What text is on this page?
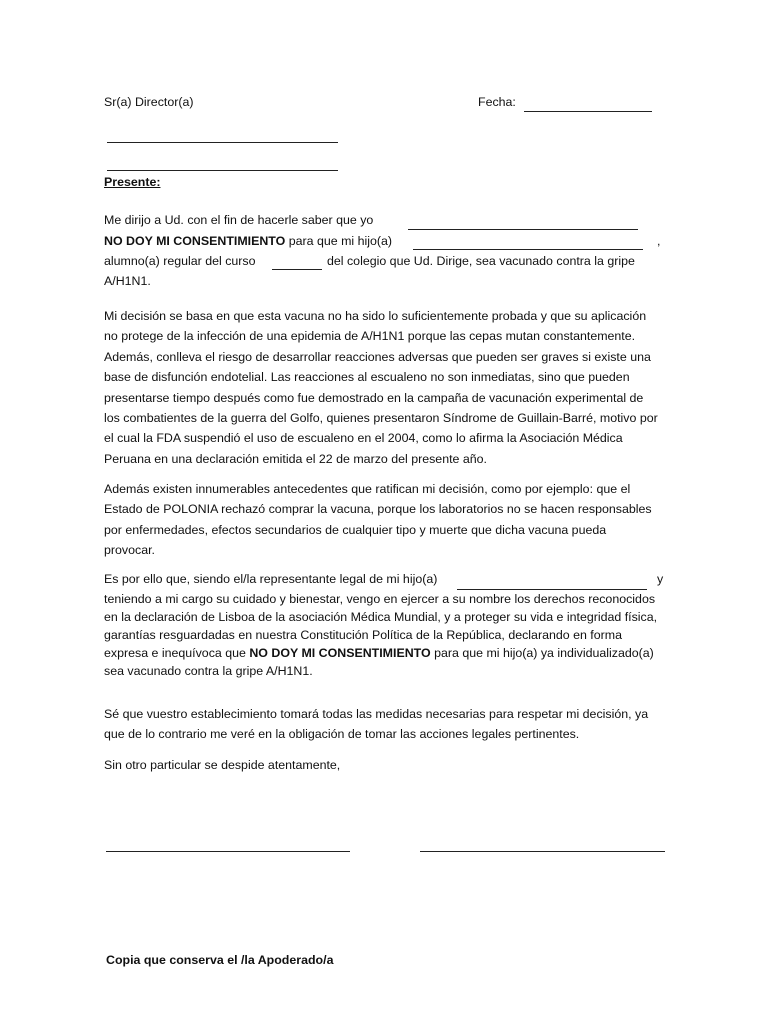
Sr(a) Director(a)	Fecha:
Presente:
Me dirijo a Ud. con el fin de hacerle saber que yo
NO DOY MI CONSENTIMIENTO para que mi hijo(a)	,
alumno(a) regular del curso	del colegio que Ud. Dirige, sea vacunado contra la gripe
A/H1N1.
Mi decisión se basa en que esta vacuna no ha sido lo suficientemente probada y que su aplicación
no protege de la infección de una epidemia de A/H1N1 porque las cepas mutan constantemente.
Además, conlleva el riesgo de desarrollar reacciones adversas que pueden ser graves si existe una
base de disfunción endotelial. Las reacciones al escualeno no son inmediatas, sino que pueden
presentarse tiempo después como fue demostrado en la campaña de vacunación experimental de
los combatientes de la guerra del Golfo, quienes presentaron Síndrome de Guillain-Barré, motivo por
el cual la FDA suspendió el uso de escualeno en el 2004, como lo afirma la Asociación Médica
Peruana en una declaración emitida el 22 de marzo del presente año.
Además existen innumerables antecedentes que ratifican mi decisión, como por ejemplo: que el
Estado de POLONIA rechazó comprar la vacuna, porque los laboratorios no se hacen responsables
por enfermedades, efectos secundarios de cualquier tipo y muerte que dicha vacuna pueda
provocar.
Es por ello que, siendo el/la representante legal de mi hijo(a)	y
teniendo a mi cargo su cuidado y bienestar, vengo en ejercer a su nombre los derechos reconocidos
en la declaración de Lisboa de la asociación Médica Mundial, y a proteger su vida e integridad física,
garantías resguardadas en nuestra Constitución Política de la República, declarando en forma
expresa e inequívoca que NO DOY MI CONSENTIMIENTO para que mi hijo(a) ya individualizado(a)
sea vacunado contra la gripe A/H1N1.
Sé que vuestro establecimiento tomará todas las medidas necesarias para respetar mi decisión, ya
que de lo contrario me veré en la obligación de tomar las acciones legales pertinentes.
Sin otro particular se despide atentamente,
Copia que conserva el /la Apoderado/a
